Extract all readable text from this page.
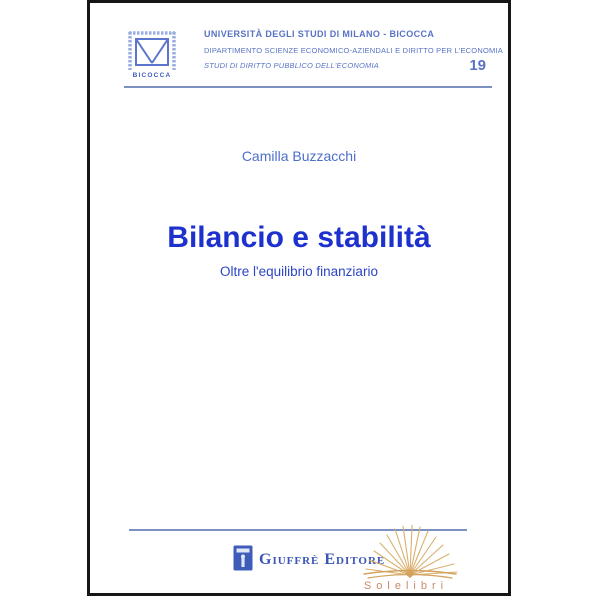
BICOCCA
UNIVERSITÀ DEGLI STUDI DI MILANO - BICOCCA
DIPARTIMENTO SCIENZE ECONOMICO-AZIENDALI E DIRITTO PER L'ECONOMIA
STUDI DI DIRITTO PUBBLICO DELL'ECONOMIA	19
Camilla Buzzacchi
Bilancio e stabilità
Oltre l'equilibrio finanziario
Giuffrè Editore
Solelibri
